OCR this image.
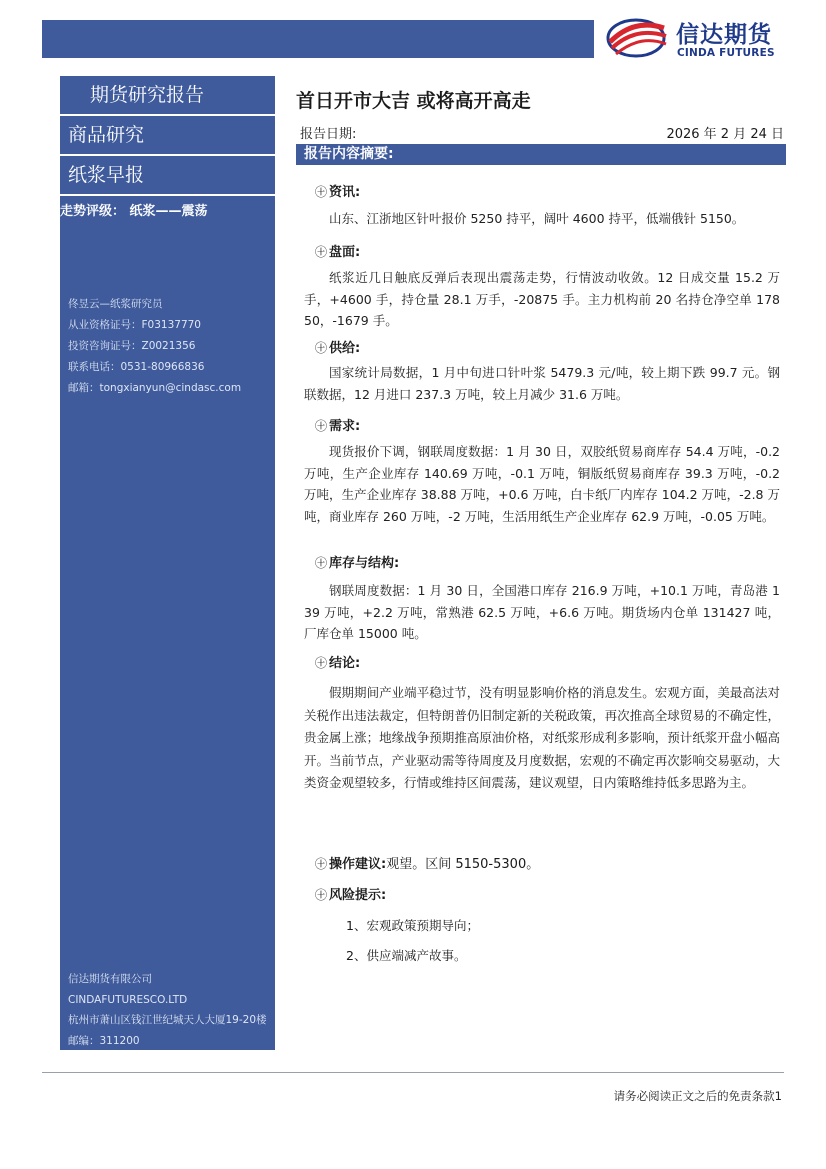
信达期货
CINDA FUTURES
期货研究报告
商品研究
纸浆早报
走势评级： 纸浆——震荡
佟昱云—纸浆研究员
从业资格证号：F03137770
投资咨询证号：Z0021356
联系电话：0531-80966836
邮箱：tongxianyun@cindasc.com
信达期货有限公司
CINDAFUTURESCO.LTD
杭州市萧山区钱江世纪城天人大厦19-20楼
邮编：311200
首日开市大吉 或将高开高走
报告日期:	2026 年 2 月 24 日
报告内容摘要:
㊉ 资讯:
山东、江浙地区针叶报价 5250 持平，阔叶 4600 持平，低端俄针 5150。
㊉ 盘面:
纸浆近几日触底反弹后表现出震荡走势，行情波动收敛。12 日成交量 15.2 万手，+4600 手，持仓量 28.1 万手，-20875 手。主力机构前 20 名持仓净空单 17850，-1679 手。
㊉ 供给:
国家统计局数据，1 月中旬进口针叶浆 5479.3 元/吨，较上期下跌 99.7 元。钢联数据，12 月进口 237.3 万吨，较上月减少 31.6 万吨。
㊉ 需求:
现货报价下调，钢联周度数据：1 月 30 日，双胶纸贸易商库存 54.4 万吨，-0.2 万吨，生产企业库存 140.69 万吨，-0.1 万吨，铜版纸贸易商库存 39.3 万吨，-0.2 万吨，生产企业库存 38.88 万吨，+0.6 万吨，白卡纸厂内库存 104.2 万吨，-2.8 万吨，商业库存 260 万吨，-2 万吨，生活用纸生产企业库存 62.9 万吨，-0.05 万吨。
㊉ 库存与结构:
钢联周度数据：1 月 30 日，全国港口库存 216.9 万吨，+10.1 万吨，青岛港 139 万吨，+2.2 万吨，常熟港 62.5 万吨，+6.6 万吨。期货场内仓单 131427 吨，厂库仓单 15000 吨。
㊉ 结论:
假期期间产业端平稳过节，没有明显影响价格的消息发生。宏观方面，美最高法对关税作出违法裁定，但特朗普仍旧制定新的关税政策，再次推高全球贸易的不确定性，贵金属上涨；地缘战争预期推高原油价格，对纸浆形成利多影响，预计纸浆开盘小幅高开。当前节点，产业驱动需等待周度及月度数据，宏观的不确定再次影响交易驱动，大类资金观望较多，行情或维持区间震荡，建议观望，日内策略维持低多思路为主。
㊉ 操作建议:观望。区间 5150-5300。
㊉ 风险提示:
1、宏观政策预期导向；
2、供应端减产故事。
请务必阅读正文之后的免责条款1
